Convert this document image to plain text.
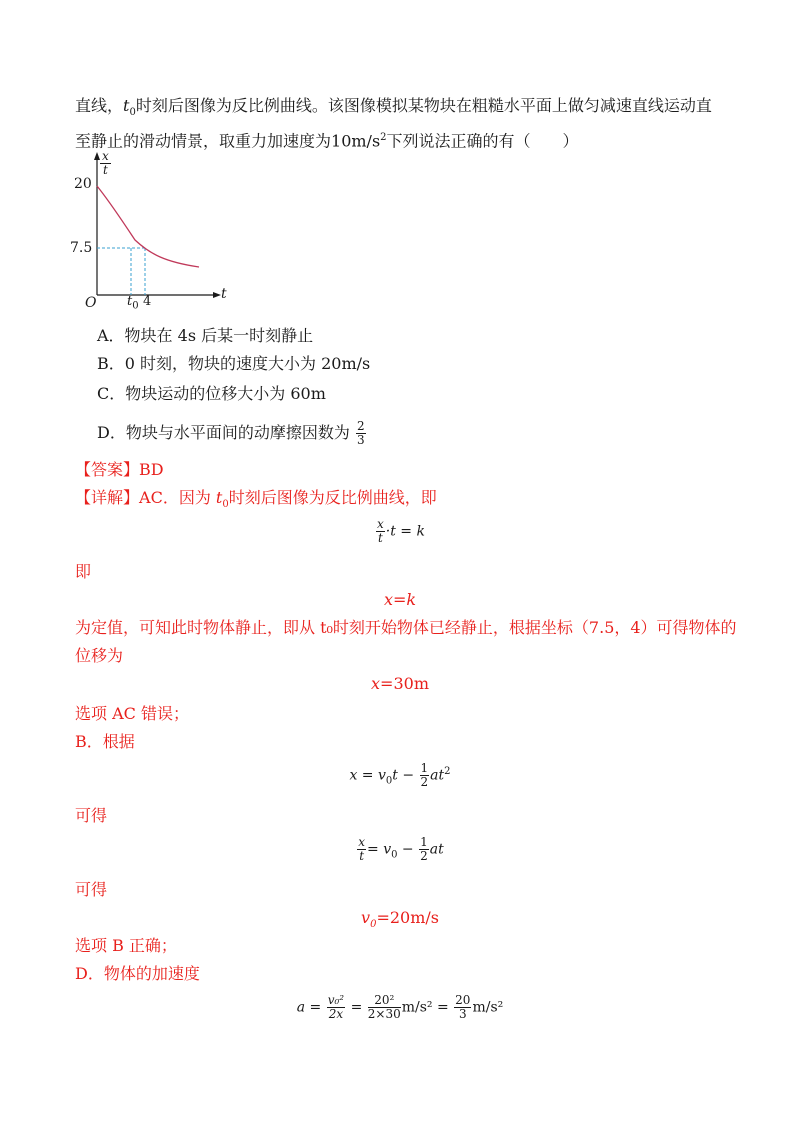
直线，$t_0$时刻后图像为反比例曲线。该图像模拟某物块在粗糙水平面上做匀减速直线运动直
至静止的滑动情景，取重力加速度为$10m/s^2$下列说法正确的有（　　）
x
t
20
7.5
O $t_0$ 4	t
A．物块在 4s 后某一时刻静止
B．0 时刻，物块的速度大小为 20m/s
C．物块运动的位移大小为 60m
D．物块与水平面间的动摩擦因数为 $\frac{2}{3}$
【答案】BD
【详解】AC．因为 $t_0$时刻后图像为反比例曲线，即
$\frac{x}{t} \cdot t = k$
即
x=k
为定值，可知此时物体静止，即从 t₀时刻开始物体已经静止，根据坐标（7.5，4）可得物体的
位移为
x=30m
选项 AC 错误；
B．根据
$x = v_0t - \frac{1}{2} at^2$
可得
$\frac{x}{t} = v_0 - \frac{1}{2}$ at
可得
$v_0=20m/s$
选项 B 正确；
D．物体的加速度
$a = \frac{\text{v₀²}}{2x} = \frac{\text{20²}}{2\times 30} m/s^2 = \frac{20}{3} m/s^2$
